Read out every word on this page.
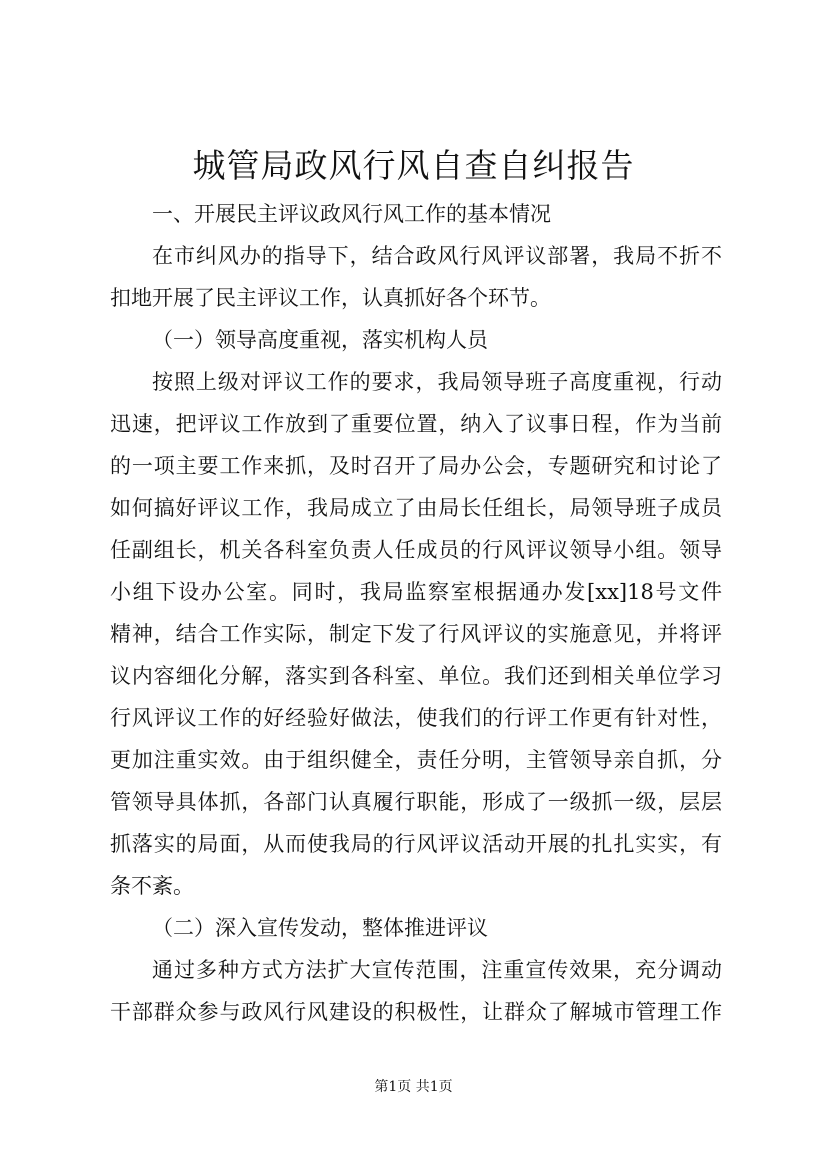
城管局政风行风自查自纠报告

一、开展民主评议政风行风工作的基本情况

在市纠风办的指导下，结合政风行风评议部署，我局不折不

扣地开展了民主评议工作，认真抓好各个环节。

（一）领导高度重视，落实机构人员

按照上级对评议工作的要求，我局领导班子高度重视，行动

迅速，把评议工作放到了重要位置，纳入了议事日程，作为当前

的一项主要工作来抓，及时召开了局办公会，专题研究和讨论了

如何搞好评议工作，我局成立了由局长任组长，局领导班子成员

任副组长，机关各科室负责人任成员的行风评议领导小组。领导

小组下设办公室。同时，我局监察室根据通办发[xx]18号文件

精神，结合工作实际，制定下发了行风评议的实施意见，并将评

议内容细化分解，落实到各科室、单位。我们还到相关单位学习

行风评议工作的好经验好做法，使我们的行评工作更有针对性，

更加注重实效。由于组织健全，责任分明，主管领导亲自抓，分

管领导具体抓，各部门认真履行职能，形成了一级抓一级，层层

抓落实的局面，从而使我局的行风评议活动开展的扎扎实实，有

条不紊。

（二）深入宣传发动，整体推进评议

通过多种方式方法扩大宣传范围，注重宣传效果，充分调动

干部群众参与政风行风建设的积极性，让群众了解城市管理工作

第1页 共1页
